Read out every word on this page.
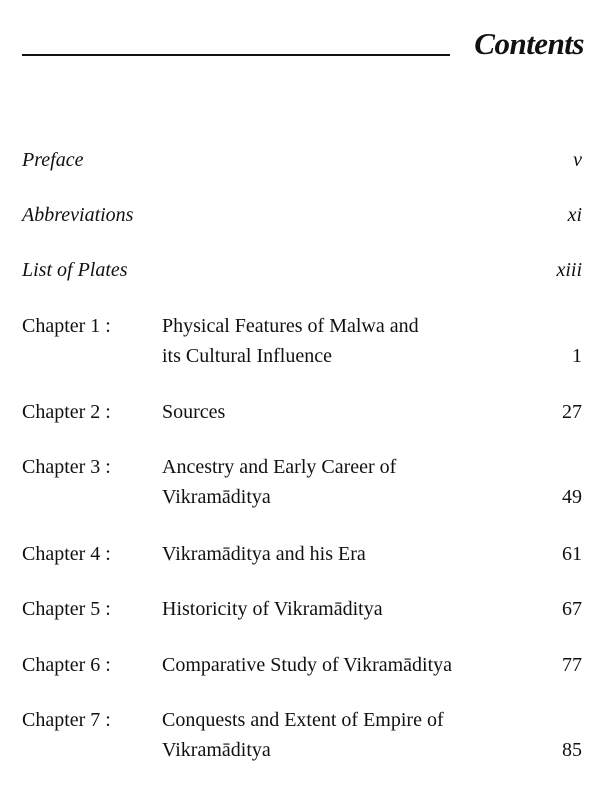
Contents
Preface	v
Abbreviations	xi
List of Plates	xiii
Chapter 1 :	Physical Features of Malwa and
its Cultural Influence	1
Chapter 2 :	Sources	27
Chapter 3 :	Ancestry and Early Career of
Vikramāditya	49
Chapter 4 :	Vikramāditya and his Era	61
Chapter 5 :	Historicity of Vikramāditya	67
Chapter 6 :	Comparative Study of Vikramāditya	77
Chapter 7 :	Conquests and Extent of Empire of
Vikramāditya	85
